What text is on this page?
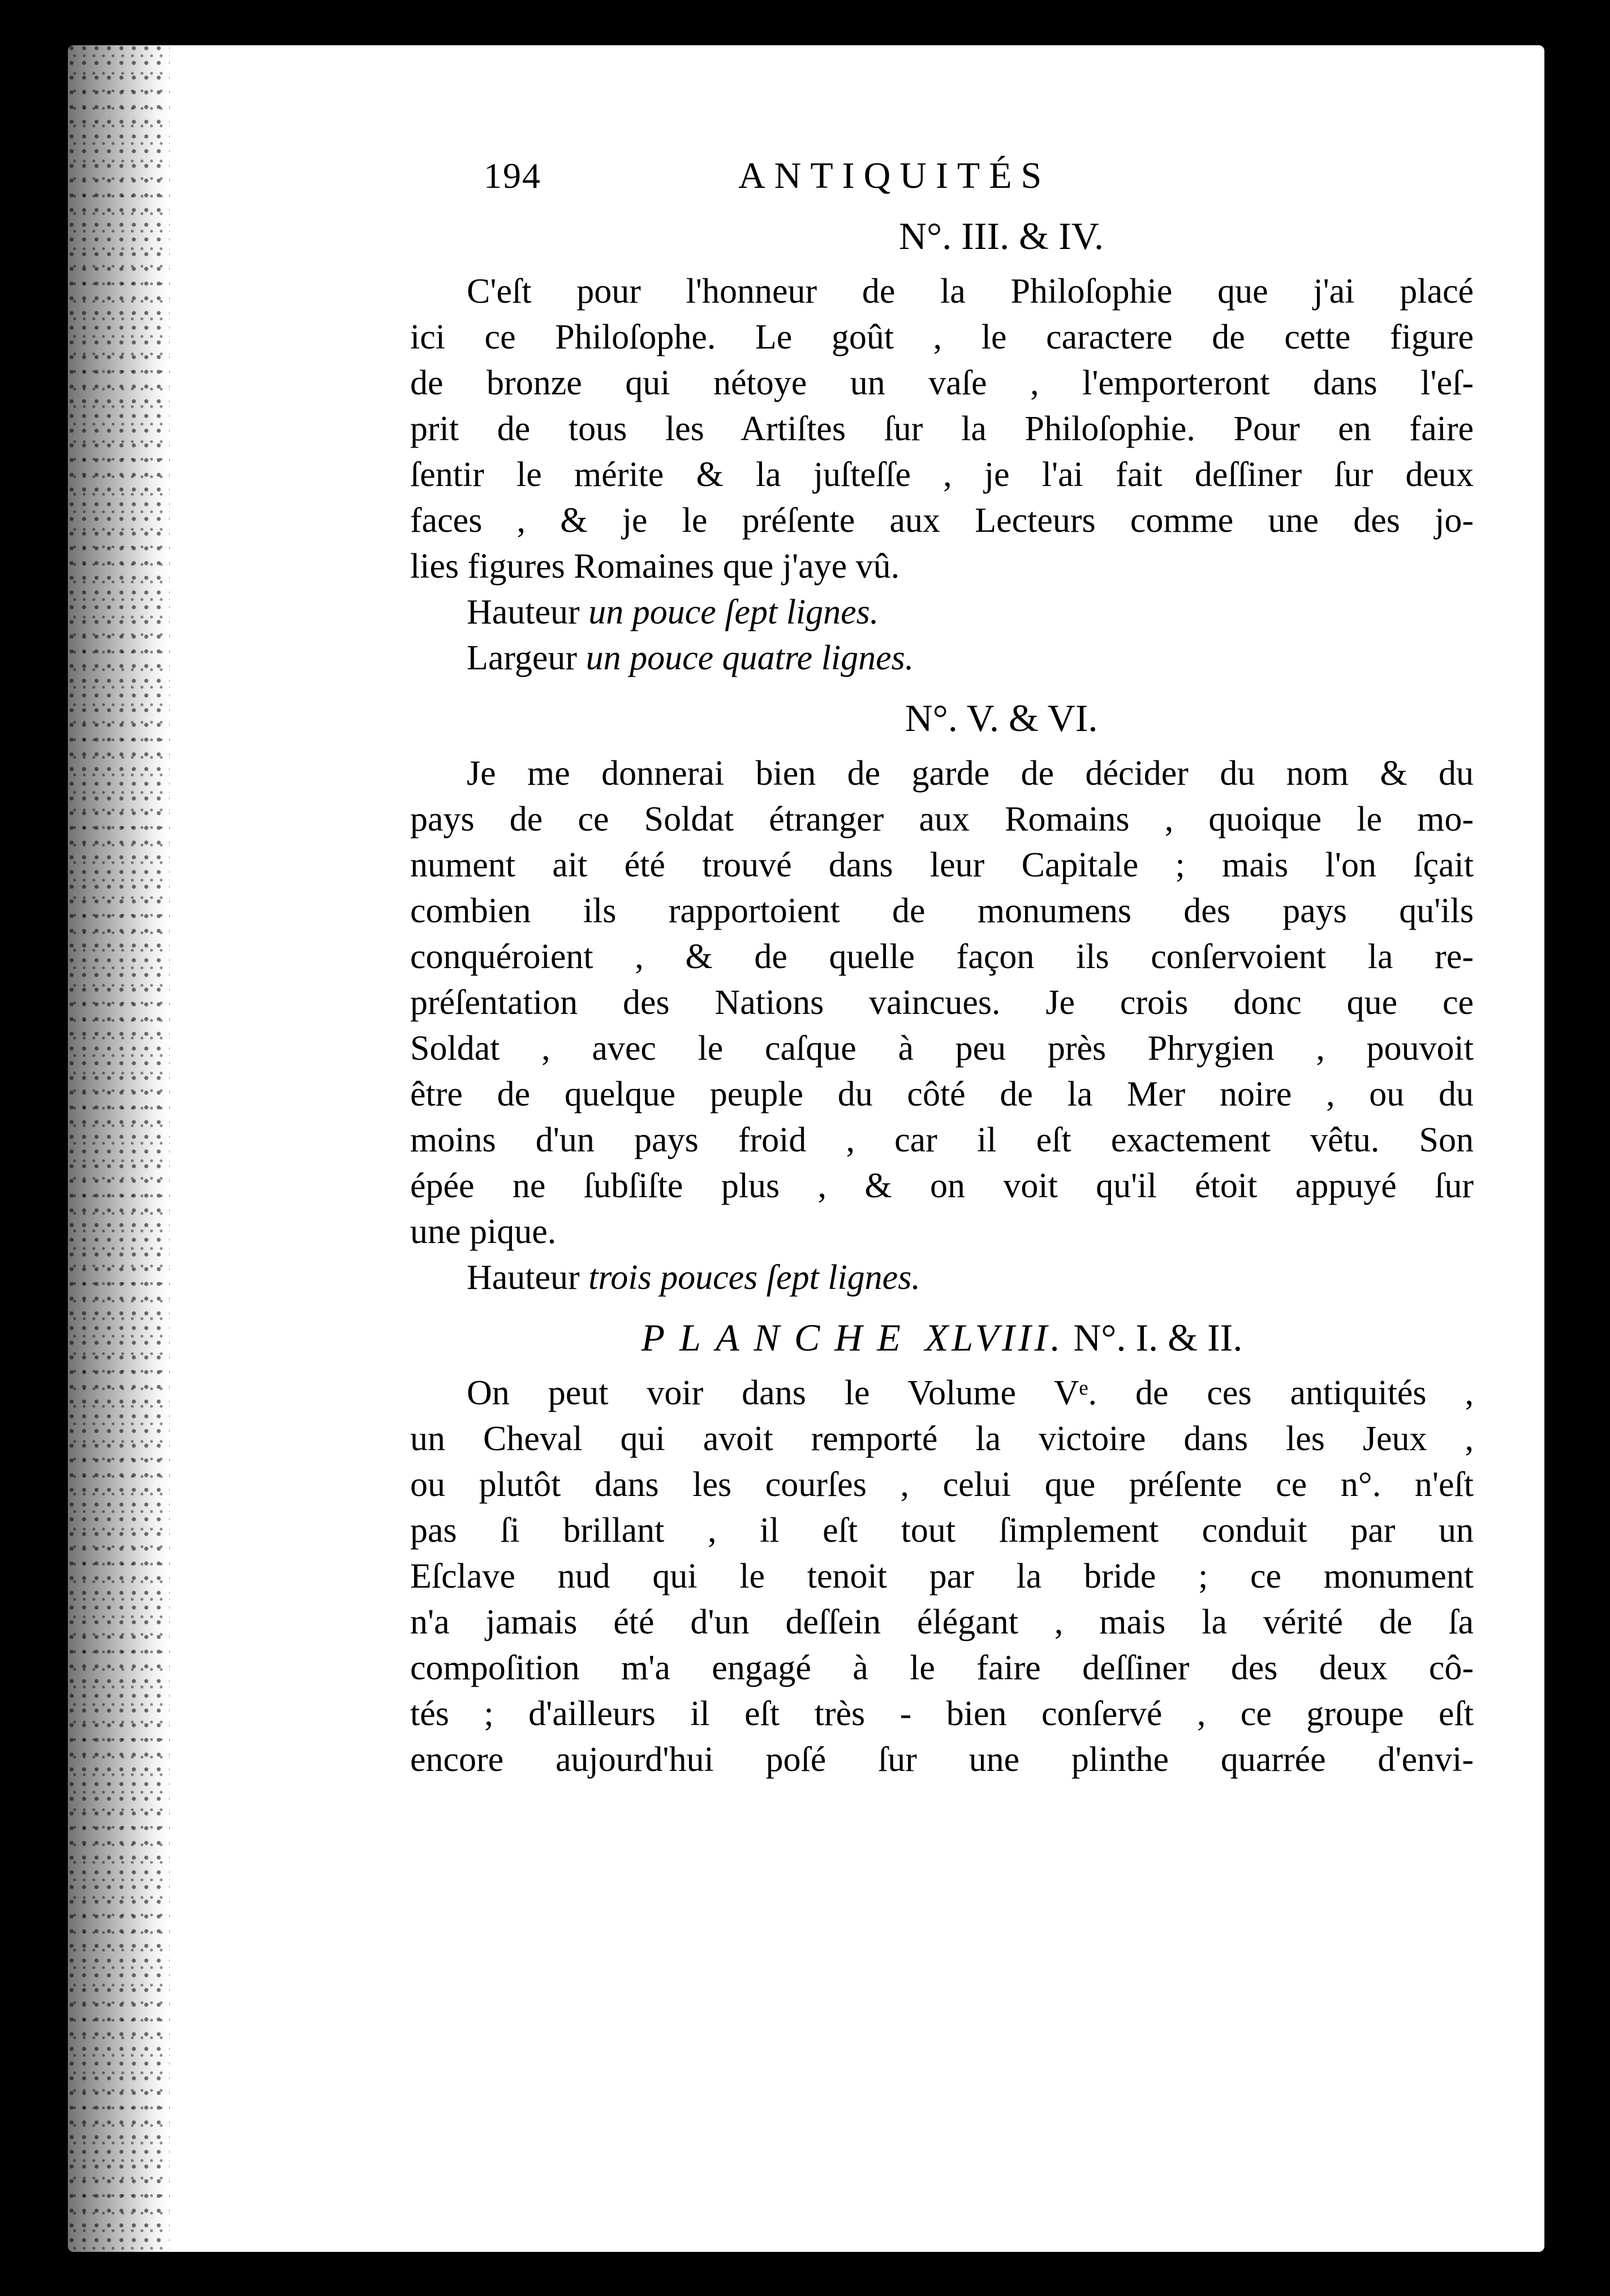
194	ANTIQUITÉS
N°. III. & IV.
C'eſt pour l'honneur de la Philoſophie que j'ai placé
ici ce Philoſophe. Le goût , le caractere de cette figure
de bronze qui nétoye un vaſe , l'emporteront dans l'eſ-
prit de tous les Artiſtes ſur la Philoſophie. Pour en faire
ſentir le mérite & la juſteſſe , je l'ai fait deſſiner ſur deux
faces , & je le préſente aux Lecteurs comme une des jo-
lies figures Romaines que j'aye vû.
Hauteur un pouce ſept lignes.
Largeur un pouce quatre lignes.
N°. V. & VI.
Je me donnerai bien de garde de décider du nom & du
pays de ce Soldat étranger aux Romains , quoique le mo-
nument ait été trouvé dans leur Capitale ; mais l'on ſçait
combien ils rapportoient de monumens des pays qu'ils
conquéroient , & de quelle façon ils conſervoient la re-
préſentation des Nations vaincues. Je crois donc que ce
Soldat , avec le caſque à peu près Phrygien , pouvoit
être de quelque peuple du côté de la Mer noire , ou du
moins d'un pays froid , car il eſt exactement vêtu. Son
épée ne ſubſiſte plus , & on voit qu'il étoit appuyé ſur
une pique.
Hauteur trois pouces ſept lignes.
PLANCHE XLVIII. N°. I. & II.
On peut voir dans le Volume Vᵉ. de ces antiquités ,
un Cheval qui avoit remporté la victoire dans les Jeux ,
ou plutôt dans les courſes , celui que préſente ce n°. n'eſt
pas ſi brillant , il eſt tout ſimplement conduit par un
Eſclave nud qui le tenoit par la bride ; ce monument
n'a jamais été d'un deſſein élégant , mais la vérité de ſa
compoſition m'a engagé à le faire deſſiner des deux cô-
tés ; d'ailleurs il eſt très - bien conſervé , ce groupe eſt
encore aujourd'hui poſé ſur une plinthe quarrée d'envi-
